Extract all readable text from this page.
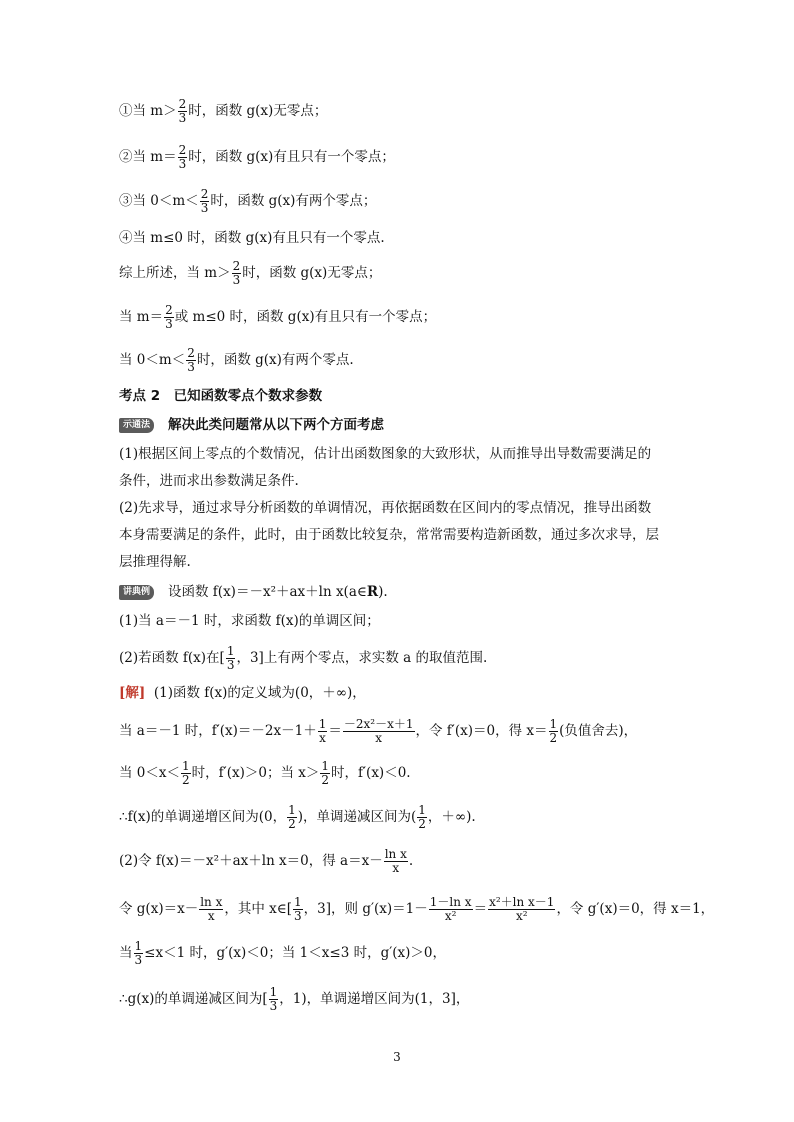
①当 $m> \frac{2}{3}$ 时，函数 g(x)无零点；
②当 $m= \frac{2}{3}$ 时，函数 g(x)有且只有一个零点；
③当 $0<m< \frac{2}{3}$ 时，函数 g(x)有两个零点；
④当 m≤0 时，函数 g(x)有且只有一个零点.
综上所述，当 $m> \frac{2}{3}$ 时，函数 g(x)无零点；
当 $m= \frac{2}{3}$ 或 m≤0 时，函数 g(x)有且只有一个零点；
当 $0<m< \frac{2}{3}$ 时，函数 g(x)有两个零点.
考点 2　已知函数零点个数求参数
示通法 解决此类问题常从以下两个方面考虑
(1)根据区间上零点的个数情况，估计出函数图象的大致形状，从而推导出导数需要满足的
条件，进而求出参数满足条件.
(2)先求导，通过求导分析函数的单调情况，再依据函数在区间内的零点情况，推导出函数
本身需要满足的条件，此时，由于函数比较复杂，常常需要构造新函数，通过多次求导，层
层推理得解.
讲典例 设函数 f(x)＝－x²＋ax＋ln x(a∈R).
(1)当 a＝－1 时，求函数 f(x)的单调区间；
(2)若函数 f(x)在[ $\frac{1}{3}$ ，3]上有两个零点，求实数 a 的取值范围.
[解] (1)函数 f(x)的定义域为(0，＋∞)，
当 a＝－1 时，$f'(x)=-2x-1+ \frac{1}{x} = \frac{\text{－2x²－x＋1}}{x}$ ，令 f′(x)＝0，得 $x= \frac{1}{2}$ (负值舍去)，
当 $0<x< \frac{1}{2}$ 时，f′(x)＞0；当 $x> \frac{1}{2}$ 时，f′(x)＜0.
∴f(x)的单调递增区间为(0， $\frac{1}{2}$ )，单调递减区间为( $\frac{1}{2}$ ，＋∞).
(2)令 f(x)＝－x²＋ax＋ln x＝0，得 $a=x- \frac{\text{ln x}}{x}$ .
令 $g(x)=x- \frac{\text{ln x}}{x}$ ，其中 x∈[ $\frac{1}{3}$ ，3]，则 $g'(x)=1- \frac{\text{1－ln x}}{\text{x²}} = \frac{\text{x²＋ln x－1}}{\text{x²}}$ ，令 g′(x)＝0，得 x＝1，
当 $\frac{1}{3} \le x<1$ 时，g′(x)＜0；当 1＜x≤3 时，g′(x)＞0，
∴g(x)的单调递减区间为[ $\frac{1}{3}$ ，1)，单调递增区间为(1，3]，
3
